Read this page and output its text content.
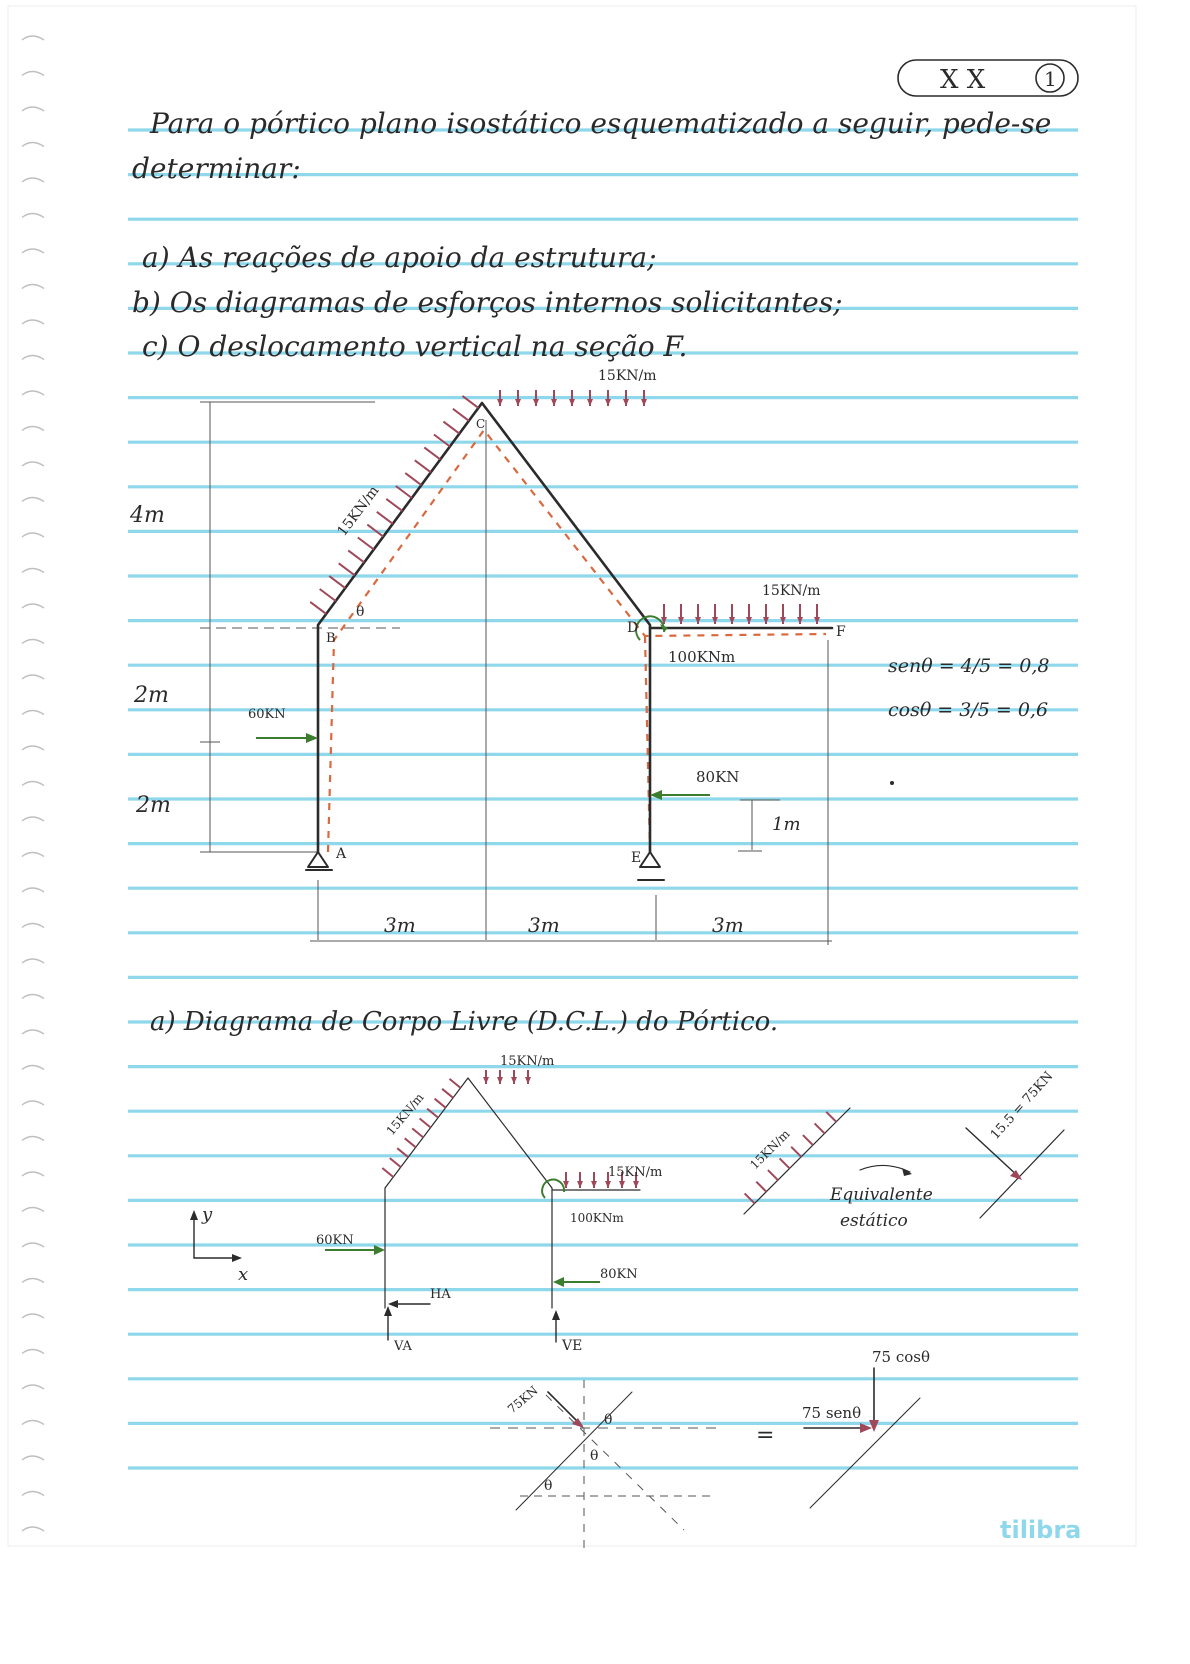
X X	1
Para o pórtico plano isostático esquematizado a seguir, pede-se
determinar:
a) As reações de apoio da estrutura;
b) Os diagramas de esforços internos solicitantes;
c) O deslocamento vertical na seção F.
15KN/m
15KN/m
15KN/m
100KNm
60KN
80KN
A
B
C
D
E
F
θ
4m
2m
2m
1m
3m	3m	3m
senθ = 4/5 = 0,8
cosθ = 3/5 = 0,6
a) Diagrama de Corpo Livre (D.C.L.) do Pórtico.
15KN/m
15KN/m
15KN/m
100KNm
60KN
80KN
HA
VA	VE
y
x
15KN/m
Equivalente
estático
15.5 = 75KN
75KN
θ
θ
θ
=
75 cosθ
75 senθ
tilibra
